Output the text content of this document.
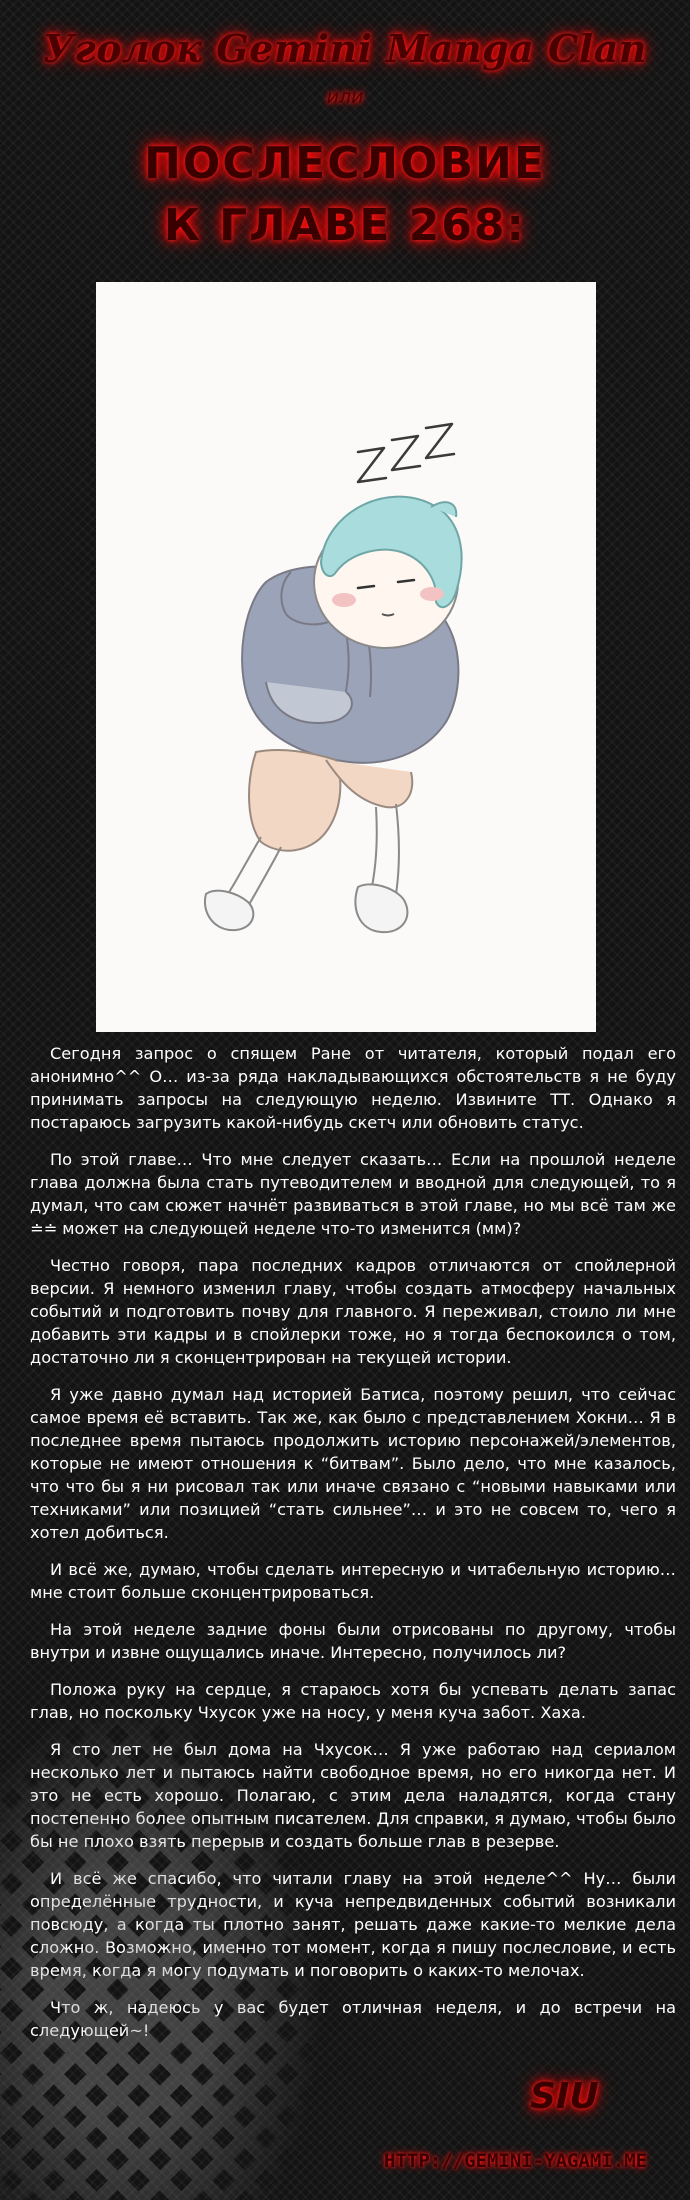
Уголок Gemini Manga Clan
или
ПОСЛЕСЛОВИЕ
К ГЛАВЕ 268:

Сегодня запрос о спящем Ране от читателя, который подал его анонимно^^ О… из-за ряда накладывающихся обстоятельств я не буду принимать запросы на следующую неделю. Извините ТТ. Однако я постараюсь загрузить какой-нибудь скетч или обновить статус.

По этой главе… Что мне следует сказать… Если на прошлой неделе глава должна была стать путеводителем и вводной для следующей, то я думал, что сам сюжет начнёт развиваться в этой главе, но мы всё там же ≐≐ может на следующей неделе что-то изменится (мм)?

Честно говоря, пара последних кадров отличаются от спойлерной версии. Я немного изменил главу, чтобы создать атмосферу начальных событий и подготовить почву для главного. Я переживал, стоило ли мне добавить эти кадры и в спойлерки тоже, но я тогда беспокоился о том, достаточно ли я сконцентрирован на текущей истории.

Я уже давно думал над историей Батиса, поэтому решил, что сейчас самое время её вставить. Так же, как было с представлением Хокни… Я в последнее время пытаюсь продолжить историю персонажей/элементов, которые не имеют отношения к “битвам”. Было дело, что мне казалось, что что бы я ни рисовал так или иначе связано с “новыми навыками или техниками” или позицией “стать сильнее”… и это не совсем то, чего я хотел добиться.

И всё же, думаю, чтобы сделать интересную и читабельную историю… мне стоит больше сконцентрироваться.

На этой неделе задние фоны были отрисованы по другому, чтобы внутри и извне ощущались иначе. Интересно, получилось ли?

Положа руку на сердце, я стараюсь хотя бы успевать делать запас глав, но поскольку Чхусок уже на носу, у меня куча забот. Хаха.

Я сто лет не был дома на Чхусок… Я уже работаю над сериалом несколько лет и пытаюсь найти свободное время, но его никогда нет. И это не есть хорошо. Полагаю, с этим дела наладятся, когда стану постепенно более опытным писателем. Для справки, я думаю, чтобы было бы не плохо взять перерыв и создать больше глав в резерве.

И всё же спасибо, что читали главу на этой неделе^^ Ну… были определённые трудности, и куча непредвиденных событий возникали повсюду, а когда ты плотно занят, решать даже какие-то мелкие дела сложно. Возможно, именно тот момент, когда я пишу послесловие, и есть время, когда я могу подумать и поговорить о каких-то мелочах.

Что ж, надеюсь у вас будет отличная неделя, и до встречи на следующей~!

SIU
HTTP://GEMINI-YAGAMI.ME
